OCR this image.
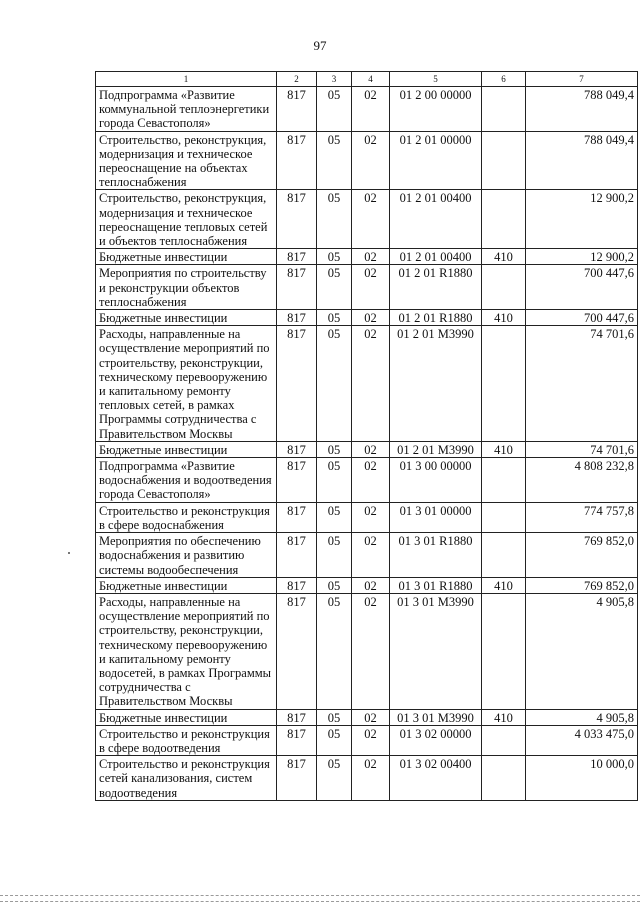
97
1	2	3	4	5	6	7
Подпрограмма «Развитие коммунальной теплоэнергетики города Севастополя»	817	05	02	01 2 00 00000		788 049,4
Строительство, реконструкция, модернизация и техническое переоснащение на объектах теплоснабжения	817	05	02	01 2 01 00000		788 049,4
Строительство, реконструкция, модернизация и техническое переоснащение тепловых сетей и объектов теплоснабжения	817	05	02	01 2 01 00400		12 900,2
Бюджетные инвестиции	817	05	02	01 2 01 00400	410	12 900,2
Мероприятия по строительству и реконструкции объектов теплоснабжения	817	05	02	01 2 01 R1880		700 447,6
Бюджетные инвестиции	817	05	02	01 2 01 R1880	410	700 447,6
Расходы, направленные на осуществление мероприятий по строительству, реконструкции, техническому перевооружению и капитальному ремонту тепловых сетей, в рамках Программы сотрудничества с Правительством Москвы	817	05	02	01 2 01 М3990		74 701,6
Бюджетные инвестиции	817	05	02	01 2 01 М3990	410	74 701,6
Подпрограмма «Развитие водоснабжения и водоотведения города Севастополя»	817	05	02	01 3 00 00000		4 808 232,8
Строительство и реконструкция в сфере водоснабжения	817	05	02	01 3 01 00000		774 757,8
Мероприятия по обеспечению водоснабжения и развитию системы водообеспечения	817	05	02	01 3 01 R1880		769 852,0
Бюджетные инвестиции	817	05	02	01 3 01 R1880	410	769 852,0
Расходы, направленные на осуществление мероприятий по строительству, реконструкции, техническому перевооружению и капитальному ремонту водосетей, в рамках Программы сотрудничества с Правительством Москвы	817	05	02	01 3 01 М3990		4 905,8
Бюджетные инвестиции	817	05	02	01 3 01 М3990	410	4 905,8
Строительство и реконструкция в сфере водоотведения	817	05	02	01 3 02 00000		4 033 475,0
Строительство и реконструкция сетей канализования, систем водоотведения	817	05	02	01 3 02 00400		10 000,0
